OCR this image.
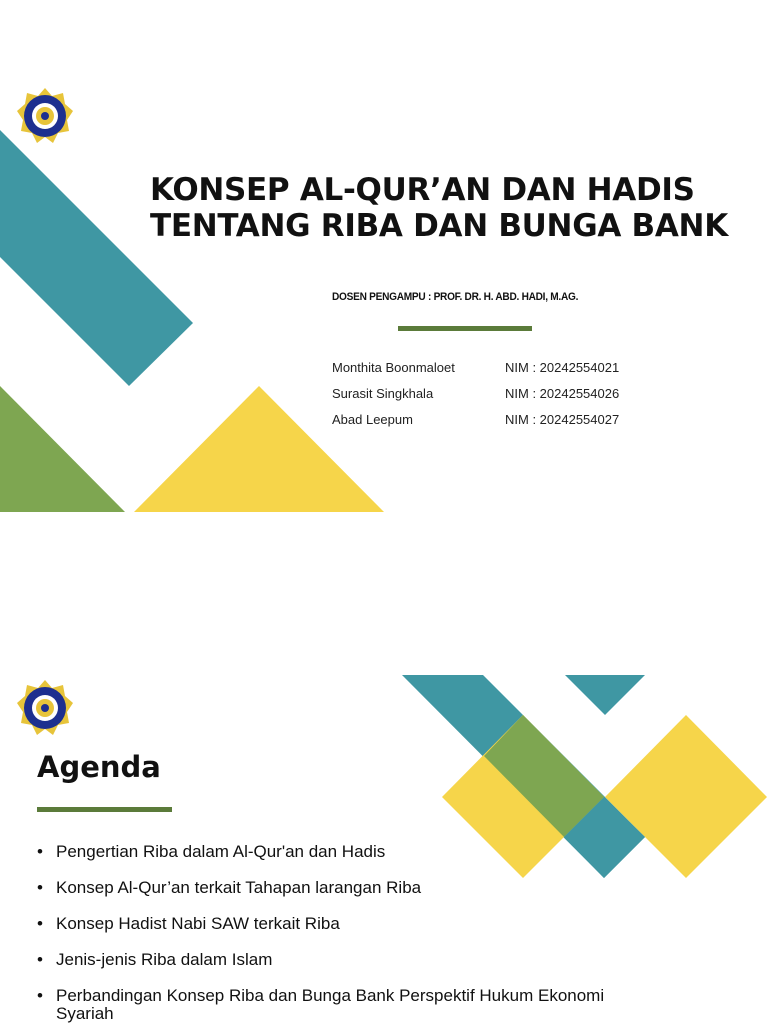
KONSEP AL-QUR’AN DAN HADIS
TENTANG RIBA DAN BUNGA BANK
DOSEN PENGAMPU : PROF. DR. H. ABD. HADI, M.AG.
Monthita Boonmaloet	NIM : 20242554021
Surasit Singkhala	NIM : 20242554026
Abad Leepum	NIM : 20242554027
Agenda
• Pengertian Riba dalam Al-Qur'an dan Hadis
• Konsep Al-Qur’an terkait Tahapan larangan Riba
• Konsep Hadist Nabi SAW terkait Riba
• Jenis-jenis Riba dalam Islam
• Perbandingan Konsep Riba dan Bunga Bank Perspektif Hukum Ekonomi Syariah
